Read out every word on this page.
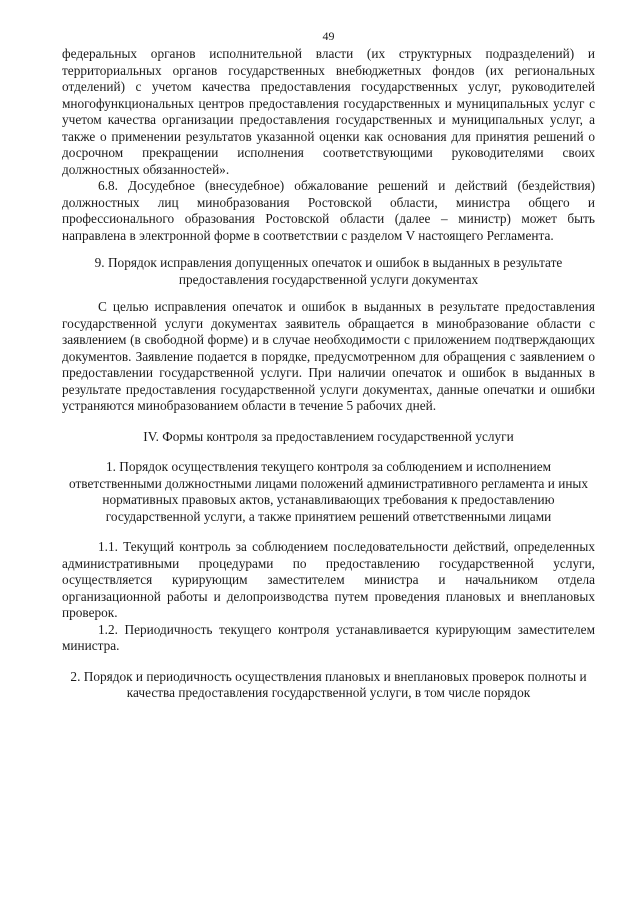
49

федеральных органов исполнительной власти (их структурных подразделений) и территориальных органов государственных внебюджетных фондов (их региональных отделений) с учетом качества предоставления государственных услуг, руководителей многофункциональных центров предоставления государственных и муниципальных услуг с учетом качества организации предоставления государственных и муниципальных услуг, а также о применении результатов указанной оценки как основания для принятия решений о досрочном прекращении исполнения соответствующими руководителями своих должностных обязанностей».

6.8. Досудебное (внесудебное) обжалование решений и действий (бездействия) должностных лиц минобразования Ростовской области, министра общего и профессионального образования Ростовской области (далее – министр) может быть направлена в электронной форме в соответствии с разделом V настоящего Регламента.

9. Порядок исправления допущенных опечаток и ошибок в выданных в результате предоставления государственной услуги документах

С целью исправления опечаток и ошибок в выданных в результате предоставления государственной услуги документах заявитель обращается в минобразование области с заявлением (в свободной форме) и в случае необходимости с приложением подтверждающих документов. Заявление подается в порядке, предусмотренном для обращения с заявлением о предоставлении государственной услуги. При наличии опечаток и ошибок в выданных в результате предоставления государственной услуги документах, данные опечатки и ошибки устраняются минобразованием области в течение 5 рабочих дней.

IV. Формы контроля за предоставлением государственной услуги

1. Порядок осуществления текущего контроля за соблюдением и исполнением ответственными должностными лицами положений административного регламента и иных нормативных правовых актов, устанавливающих требования к предоставлению государственной услуги, а также принятием решений ответственными лицами

1.1. Текущий контроль за соблюдением последовательности действий, определенных административными процедурами по предоставлению государственной услуги, осуществляется курирующим заместителем министра и начальником отдела организационной работы и делопроизводства путем проведения плановых и внеплановых проверок.

1.2. Периодичность текущего контроля устанавливается курирующим заместителем министра.

2. Порядок и периодичность осуществления плановых и внеплановых проверок полноты и качества предоставления государственной услуги, в том числе порядок
